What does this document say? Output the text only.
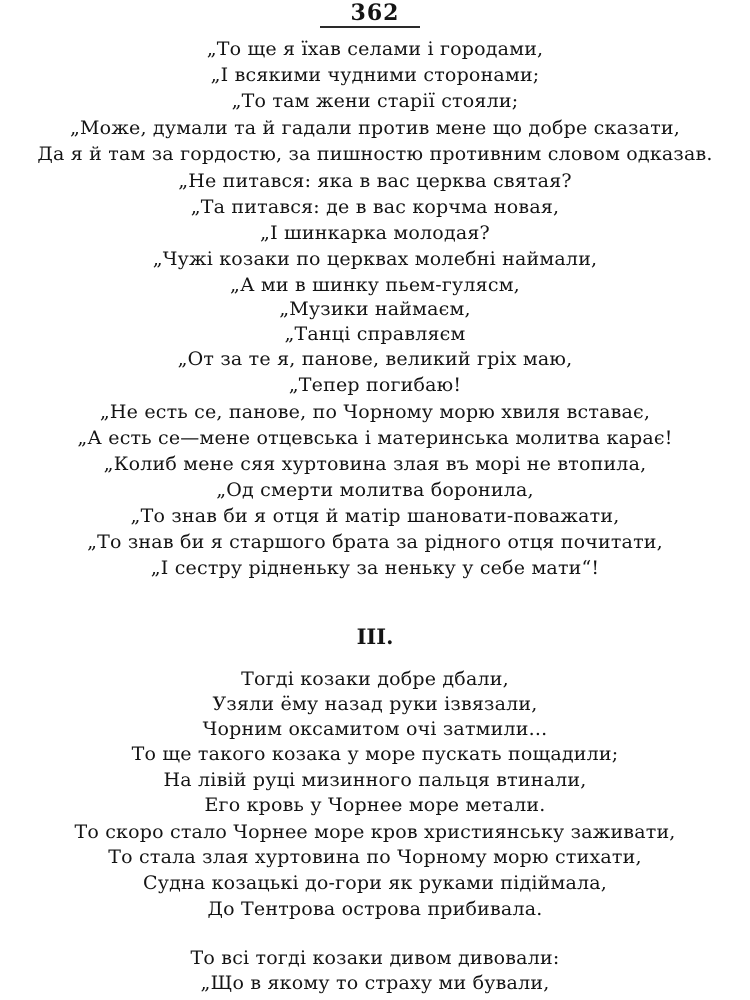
362
„То ще я їхав селами і городами,
„І всякими чудними сторонами;
„То там жени старії стояли;
„Може, думали та й гадали против мене що добре сказати,
Да я й там за гордостю, за пишностю противним словом одказав.
„Не питався: яка в вас церква святая?
„Та питався: де в вас корчма новая,
„І шинкарка молодая?
„Чужі козаки по церквах молебні наймали,
„А ми в шинку пьем-гулясм,
„Музики наймаєм,
„Танці справляєм
„От за те я, панове, великий гріх маю,
„Тепер погибаю!
„Не есть се, панове, по Чорному морю хвиля вставає,
„А есть се—мене отцевська і материнська молитва карає!
„Колиб мене сяя хуртовина злая въ морі не втопила,
„Од смерти молитва боронила,
„То знав би я отця й матір шановати-поважати,
„То знав би я старшого брата за рідного отця почитати,
„І сестру рідненьку за неньку у себе мати“!
III.
Тогді козаки добре дбали,
Узяли ёму назад руки ізвязали,
Чорним оксамитом очі затмили...
То ще такого козака у море пускать пощадили;
На лівій руці мизинного пальця втинали,
Его кровь у Чорнее море метали.
То скоро стало Чорнее море кров християнську заживати,
То стала злая хуртовина по Чорному морю стихати,
Судна козацькі до-гори як руками підіймала,
До Тентрова острова прибивала.
То всі тогді козаки дивом дивовали:
„Що в якому то страху ми бували,
